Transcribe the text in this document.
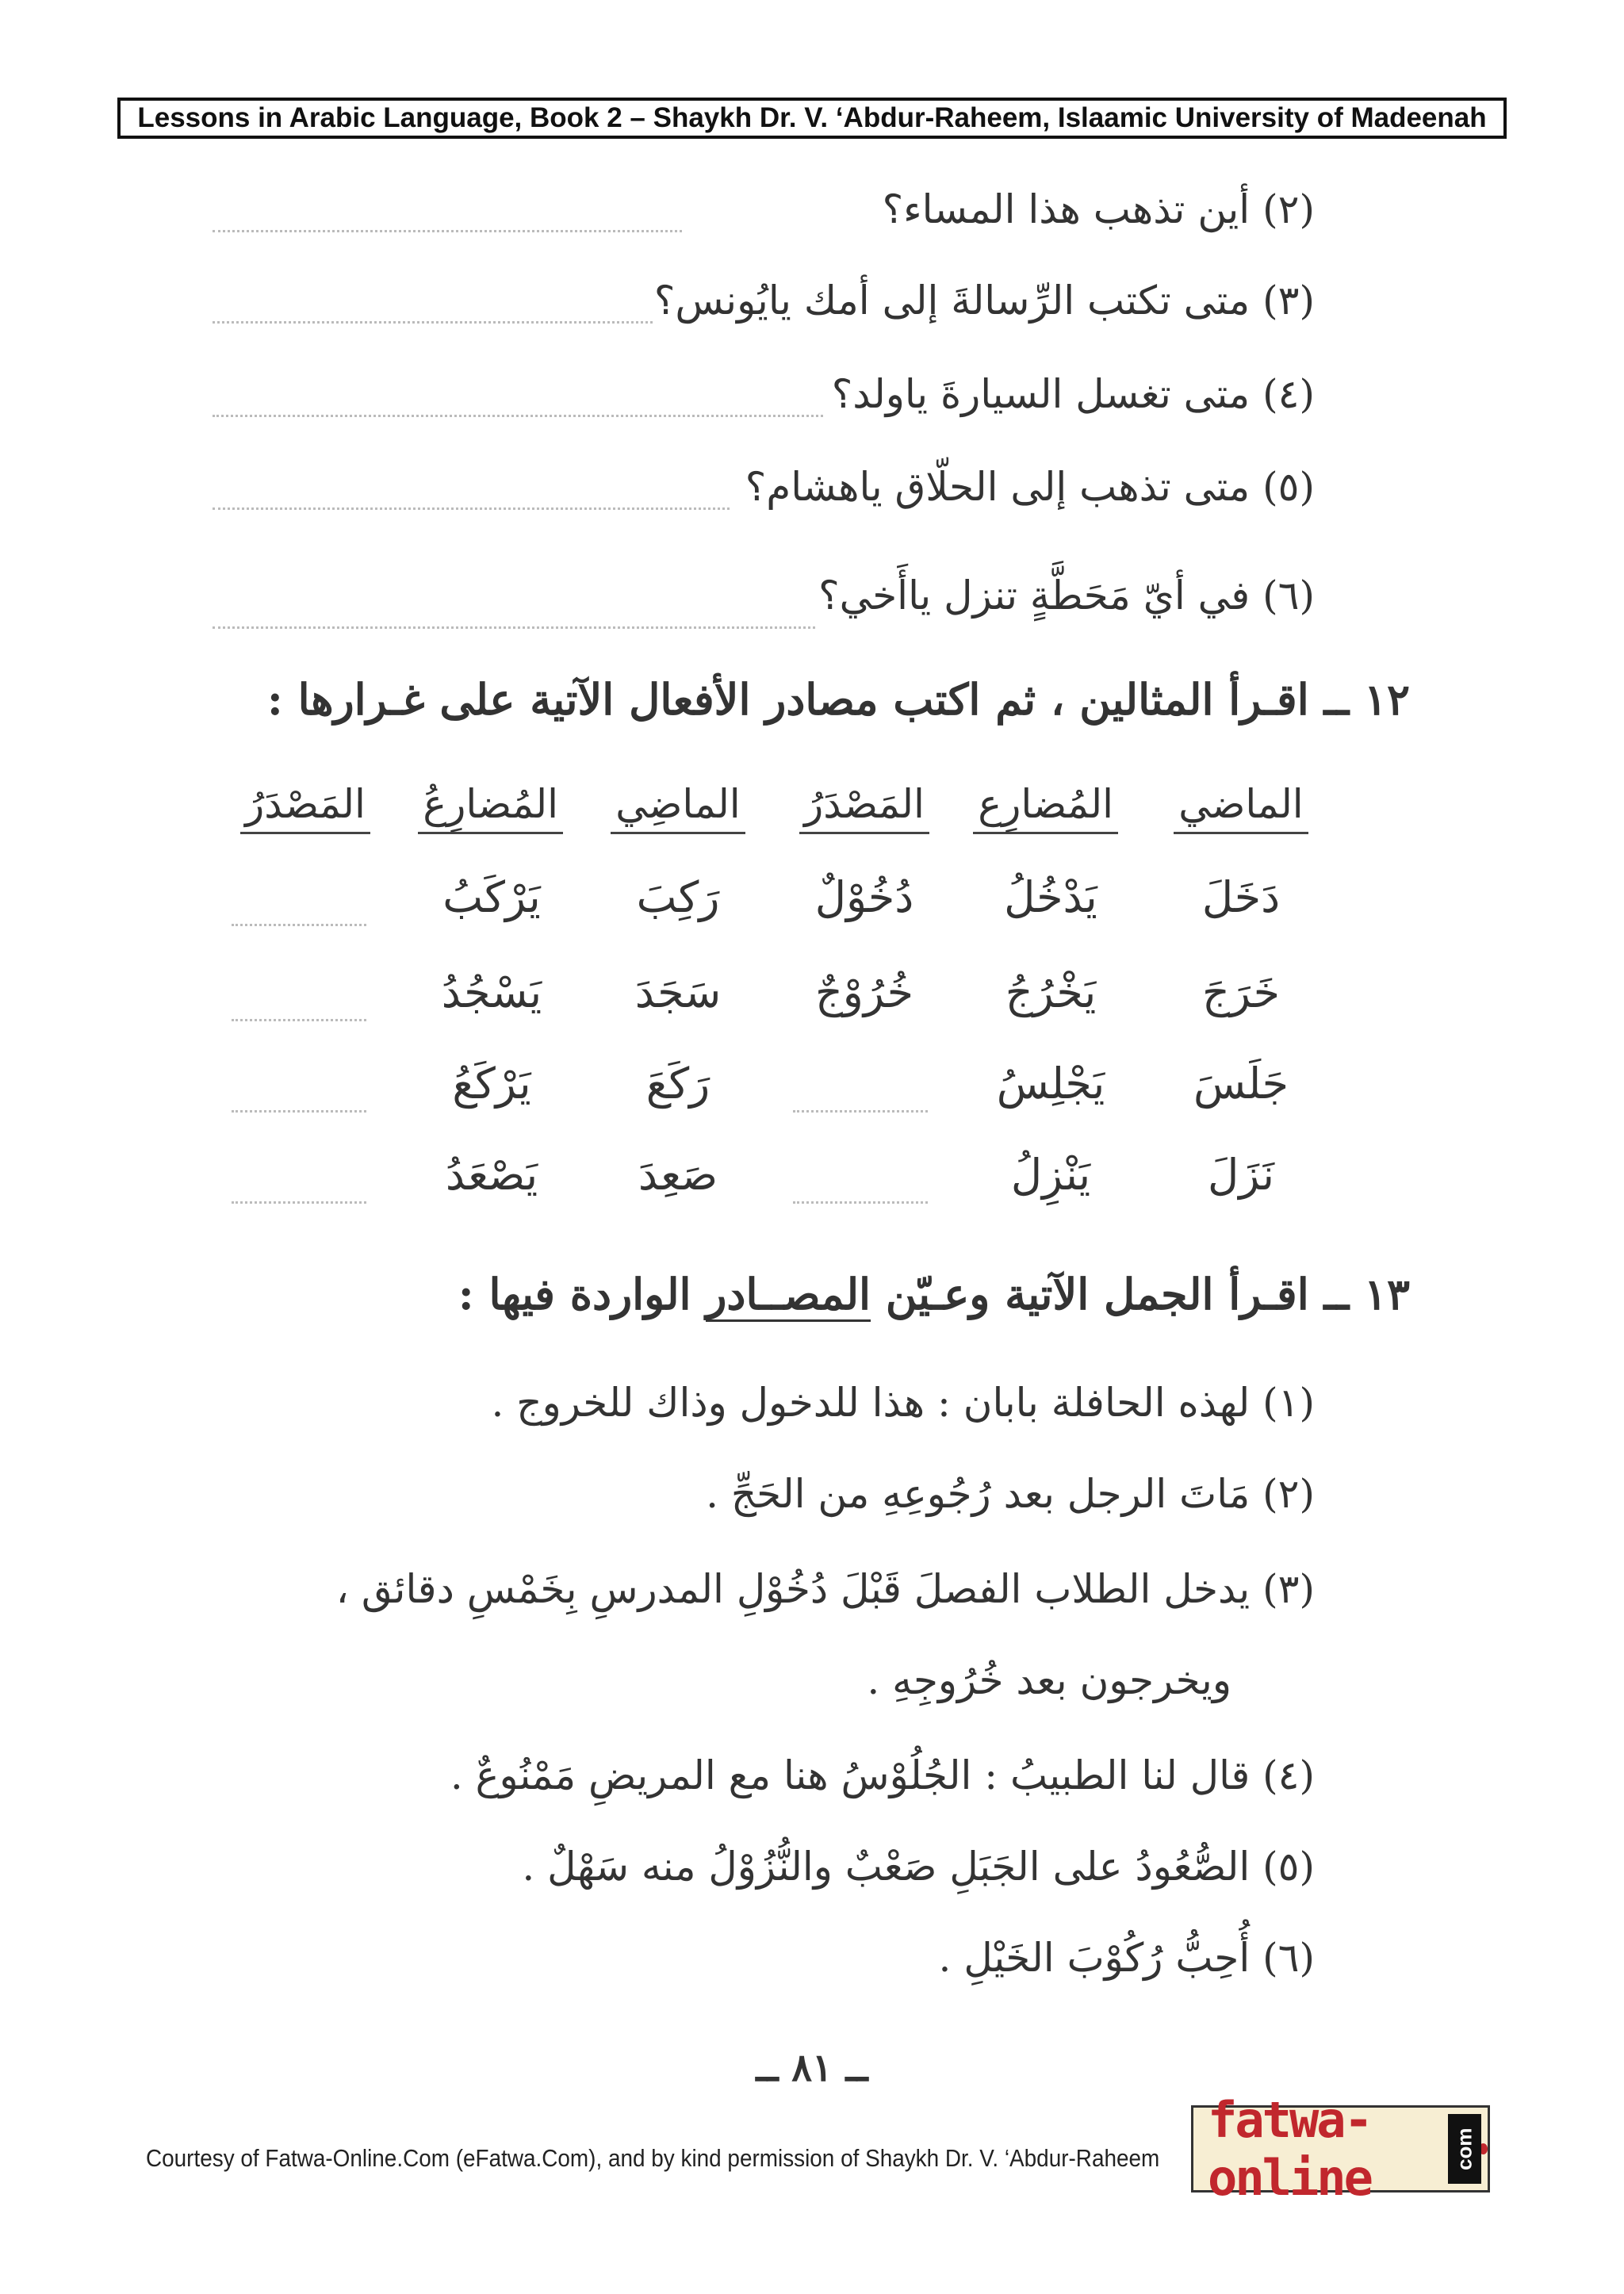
Lessons in Arabic Language, Book 2 – Shaykh Dr. V. ‘Abdur-Raheem, Islaamic University of Madeenah
(٢) أين تذهب هذا المساء؟
(٣) متى تكتب الرِّسالةَ إلى أمك يايُونس؟
(٤) متى تغسل السيارةَ ياولد؟
(٥) متى تذهب إلى الحلّاق ياهشام؟
(٦) في أيّ مَحَطَّةٍ تنزل ياأَخي؟
١٢ ــ اقـرأ المثالين ، ثم اكتب مصادر الأفعال الآتية على غـرارها :
الماضي
المُضارِع
المَصْدَرُ
الماضِي
المُضارِعُ
المَصْدَرُ
دَخَلَ
يَدْخُلُ
دُخُوْلٌ
خَرَجَ
يَخْرُجُ
خُرُوْجٌ
جَلَسَ
يَجْلِسُ
نَزَلَ
يَنْزِلُ
رَكِبَ
يَرْكَبُ
سَجَدَ
يَسْجُدُ
رَكَعَ
يَرْكَعُ
صَعِدَ
يَصْعَدُ
١٣ ــ اقـرأ الجمل الآتية وعـيّن المصــادر الواردة فيها :
(١) لهذه الحافلة بابان : هذا للدخول وذاك للخروج .
(٢) مَاتَ الرجل بعد رُجُوعِهِ من الحَجِّ .
(٣) يدخل الطلاب الفصلَ قَبْلَ دُخُوْلِ المدرسِ بِخَمْسِ دقائق ،
ويخرجون بعد خُرُوجِهِ .
(٤) قال لنا الطبيبُ : الجُلُوْسُ هنا مع المريضِ مَمْنُوعٌ .
(٥) الصُّعُودُ على الجَبَلِ صَعْبٌ والنُّزُوْلُ منه سَهْلٌ .
(٦) أُحِبُّ رُكُوْبَ الخَيْلِ .
ــ ٨١ ــ
Courtesy of Fatwa-Online.Com (eFatwa.Com), and by kind permission of Shaykh Dr. V. ‘Abdur-Raheem
fatwa-online	com
